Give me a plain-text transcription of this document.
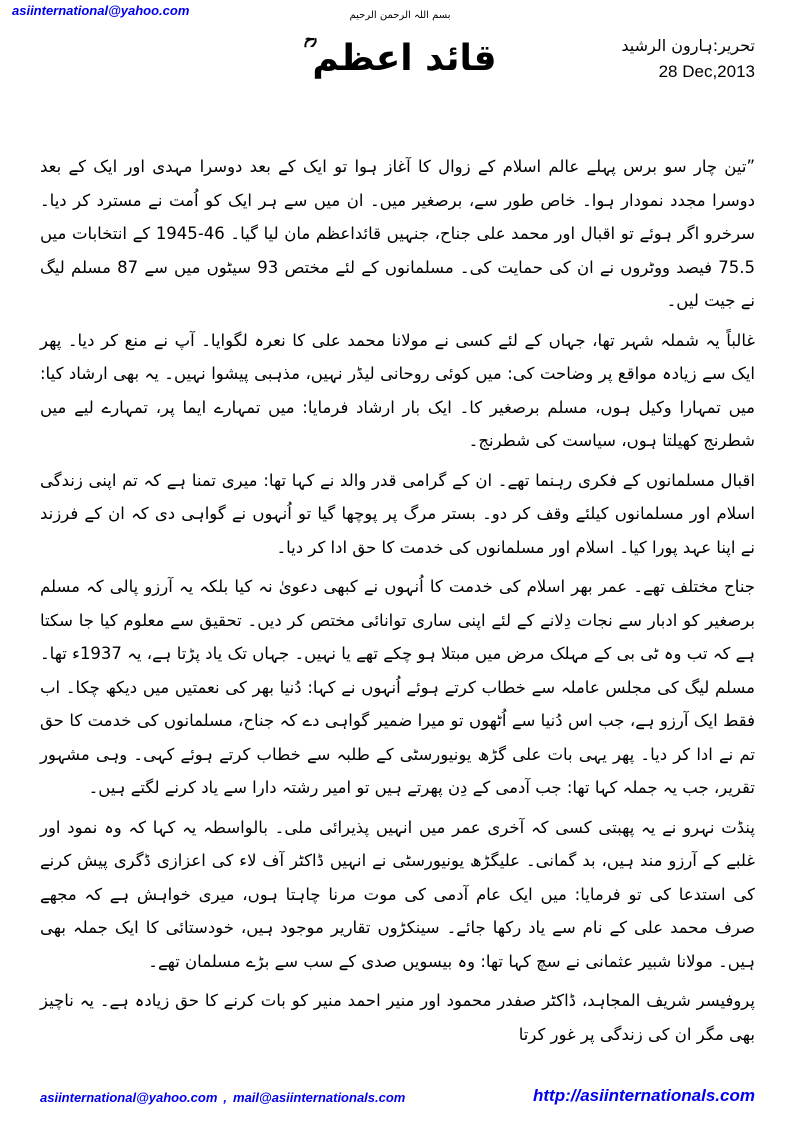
asiinternational@yahoo.com	بسم اللہ الرحمن الرحیم
قائد اعظم ؒ	تحریر:ہارون الرشید
28 Dec,2013

”تین چار سو برس پہلے عالم اسلام کے زوال کا آغاز ہوا تو ایک کے بعد دوسرا مہدی اور ایک کے بعد دوسرا مجدد نمودار ہوا۔ خاص طور سے، برصغیر میں۔ ان میں سے ہر ایک کو اُمت نے مسترد کر دیا۔ سرخرو اگر ہوئے تو اقبال اور محمد علی جناح، جنہیں قائداعظم مان لیا گیا۔ 46-1945 کے انتخابات میں 75.5 فیصد ووٹروں نے ان کی حمایت کی۔ مسلمانوں کے لئے مختص 93 سیٹوں میں سے 87 مسلم لیگ نے جیت لیں۔

غالباً یہ شملہ شہر تھا، جہاں کے لئے کسی نے مولانا محمد علی کا نعرہ لگوایا۔ آپ نے منع کر دیا۔ پھر ایک سے زیادہ مواقع پر وضاحت کی: میں کوئی روحانی لیڈر نہیں، مذہبی پیشوا نہیں۔ یہ بھی ارشاد کیا: میں تمہارا وکیل ہوں، مسلم برصغیر کا۔ ایک بار ارشاد فرمایا: میں تمہارے ایما پر، تمہارے لیے میں شطرنج کھیلتا ہوں، سیاست کی شطرنج۔

اقبال مسلمانوں کے فکری رہنما تھے۔ ان کے گرامی قدر والد نے کہا تھا: میری تمنا ہے کہ تم اپنی زندگی اسلام اور مسلمانوں کیلئے وقف کر دو۔ بستر مرگ پر پوچھا گیا تو اُنہوں نے گواہی دی کہ ان کے فرزند نے اپنا عہد پورا کیا۔ اسلام اور مسلمانوں کی خدمت کا حق ادا کر دیا۔

جناح مختلف تھے۔ عمر بھر اسلام کی خدمت کا اُنہوں نے کبھی دعویٰ نہ کیا بلکہ یہ آرزو پالی کہ مسلم برصغیر کو ادبار سے نجات دِلانے کے لئے اپنی ساری توانائی مختص کر دیں۔ تحقیق سے معلوم کیا جا سکتا ہے کہ تب وہ ٹی بی کے مہلک مرض میں مبتلا ہو چکے تھے یا نہیں۔ جہاں تک یاد پڑتا ہے، یہ 1937ء تھا۔ مسلم لیگ کی مجلس عاملہ سے خطاب کرتے ہوئے اُنہوں نے کہا: دُنیا بھر کی نعمتیں میں دیکھ چکا۔ اب فقط ایک آرزو ہے، جب اس دُنیا سے اُٹھوں تو میرا ضمیر گواہی دے کہ جناح، مسلمانوں کی خدمت کا حق تم نے ادا کر دیا۔ پھر یہی بات علی گڑھ یونیورسٹی کے طلبہ سے خطاب کرتے ہوئے کہی۔ وہی مشہور تقریر، جب یہ جملہ کہا تھا: جب آدمی کے دِن پھرتے ہیں تو امیر رشتہ دارا سے یاد کرنے لگتے ہیں۔

پنڈت نہرو نے یہ پھبتی کسی کہ آخری عمر میں انہیں پذیرائی ملی۔ بالواسطہ یہ کہا کہ وہ نمود اور غلبے کے آرزو مند ہیں، بد گمانی۔ علیگڑھ یونیورسٹی نے انہیں ڈاکٹر آف لاء کی اعزازی ڈگری پیش کرنے کی استدعا کی تو فرمایا: میں ایک عام آدمی کی موت مرنا چاہتا ہوں، میری خواہش ہے کہ مجھے صرف محمد علی کے نام سے یاد رکھا جائے۔ سینکڑوں تقاریر موجود ہیں، خودستائی کا ایک جملہ بھی ہیں۔ مولانا شبیر عثمانی نے سچ کہا تھا: وہ بیسویں صدی کے سب سے بڑے مسلمان تھے۔

پروفیسر شریف المجاہد، ڈاکٹر صفدر محمود اور منیر احمد منیر کو بات کرنے کا حق زیادہ ہے۔ یہ ناچیز بھی مگر ان کی زندگی پر غور کرتا

asiinternational@yahoo.com , mail@asiinternationals.com	http://asiinternationals.com
